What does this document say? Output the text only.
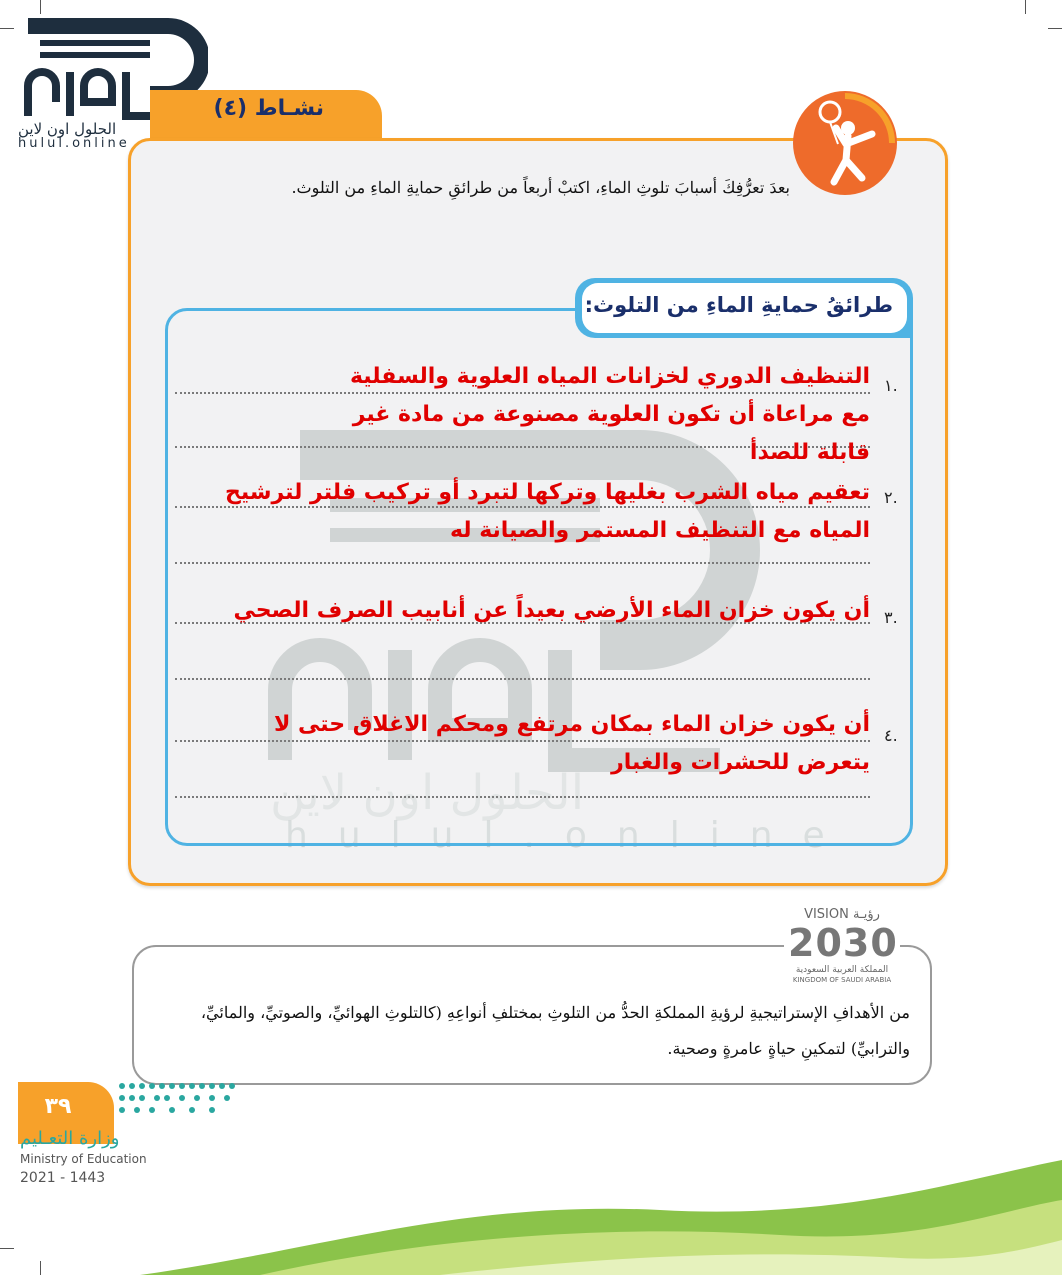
الحلول اون لاين
hulul.online
نشـاط (٤)
بعدَ تعرُّفِكَ أسبابَ تلوثِ الماءِ، اكتبْ أربعاً من طرائقِ حمايةِ الماءِ من التلوث.
الحلول اون لاين
hulul.online
طرائقُ حمايةِ الماءِ من التلوث:
١.
التنظيف الدوري لخزانات المياه العلوية والسفلية مع مراعاة أن تكون العلوية مصنوعة من مادة غير قابلة للصدأ
٢.
تعقيم مياه الشرب بغليها وتركها لتبرد أو تركيب فلتر لترشيح المياه مع التنظيف المستمر والصيانة له
٣.
أن يكون خزان الماء الأرضي بعيداً عن أنابيب الصرف الصحي
٤.
أن يكون خزان الماء بمكان مرتفع ومحكم الاغلاق حتى لا يتعرض للحشرات والغبار
رؤيـة VISION
2030
المملكة العربية السعودية
KINGDOM OF SAUDI ARABIA
من الأهدافِ الإستراتيجيةِ لرؤيةِ المملكةِ الحدُّ من التلوثِ بمختلفِ أنواعِهِ (كالتلوثِ الهوائيِّ، والصوتيِّ، والمائيِّ، والترابيِّ) لتمكينِ حياةٍ عامرةٍ وصحية.
٣٩
وزارة التعـليم
Ministry of Education
2021 - 1443
